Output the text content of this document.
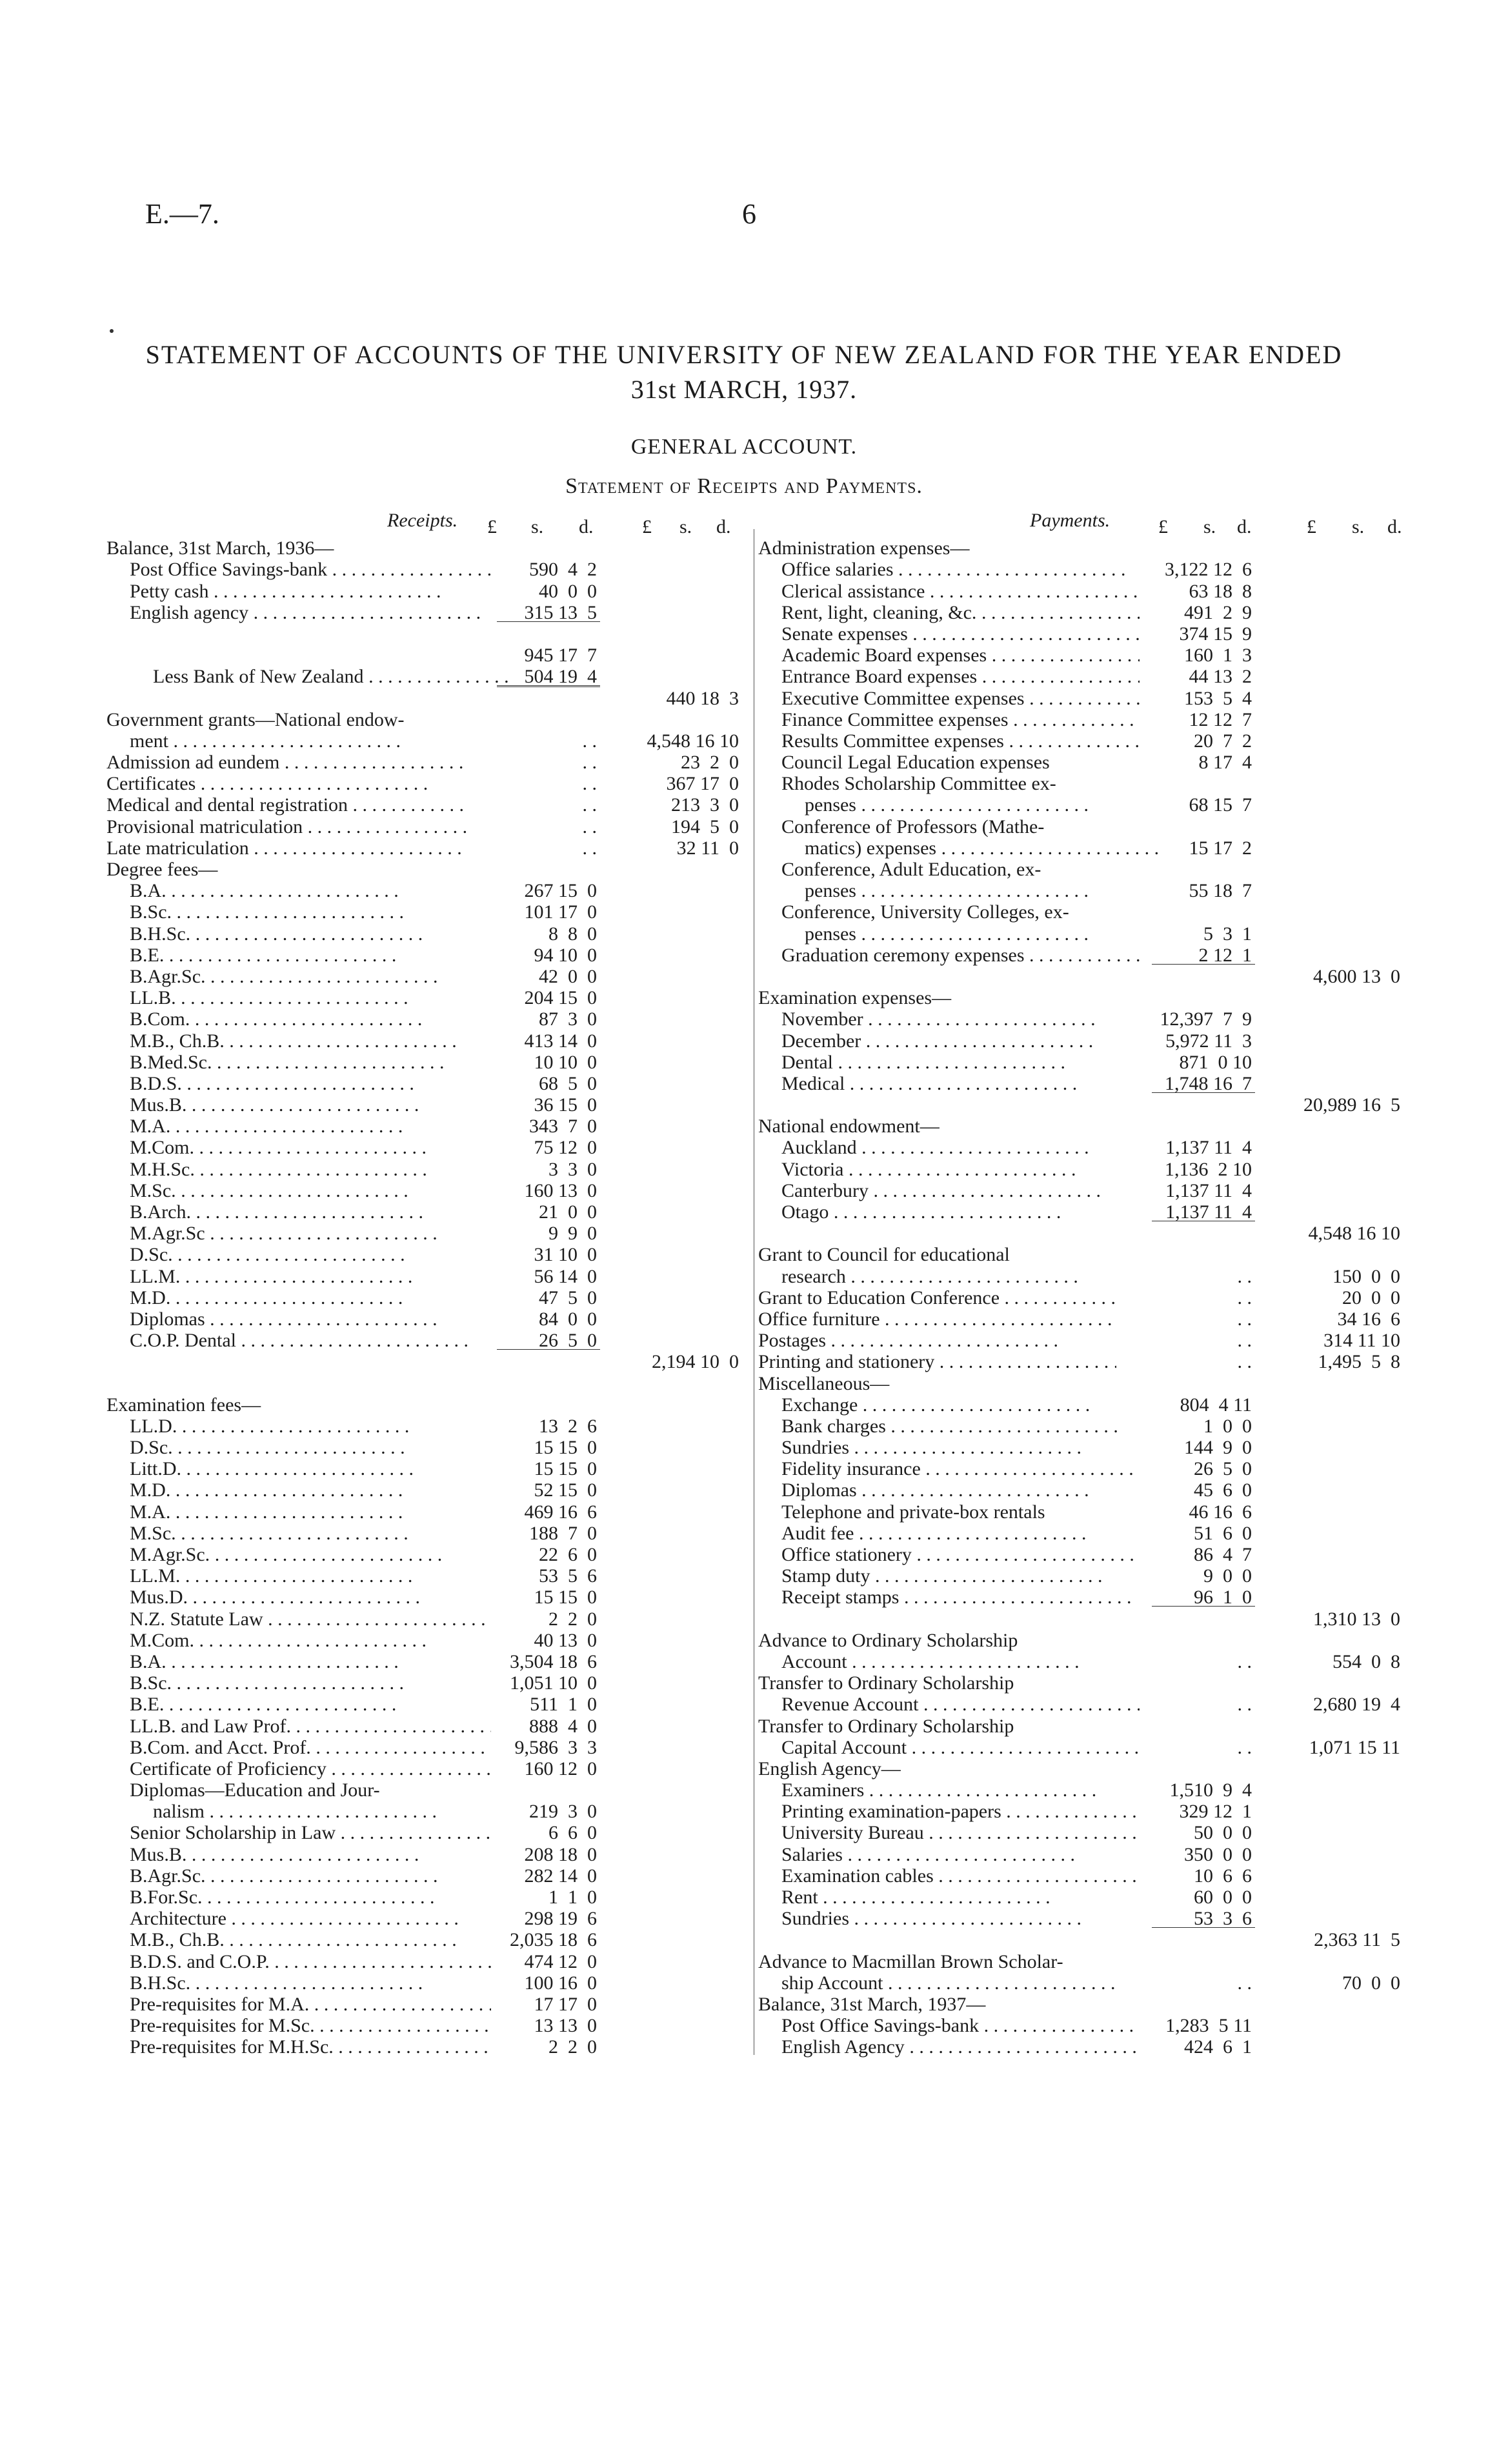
E.—7.	6
STATEMENT OF ACCOUNTS OF THE UNIVERSITY OF NEW ZEALAND FOR THE YEAR ENDED
31st MARCH, 1937.
GENERAL ACCOUNT.
Statement of Receipts and Payments.
Receipts.	Payments.
£ s. d.	£ s. d.
Balance, 31st March, 1936—
Post Office Savings-bank . .	590  4  2
Petty cash . .	40  0  0
English agency . .	315 13  5
945 17  7
Less Bank of New Zealand . .	504 19  4
440 18  3
Government grants—National endow-
ment . .	. .	4,548 16 10
Admission ad eundem . .	. .	23  2  0
Certificates . .	. .	367 17  0
Medical and dental registration . .	. .	213  3  0
Provisional matriculation . .	. .	194  5  0
Late matriculation . .	. .	32 11  0
Degree fees—
B.A. . .	267 15  0
B.Sc. . .	101 17  0
B.H.Sc. . .	8  8  0
B.E. . .	94 10  0
B.Agr.Sc. . .	42  0  0
LL.B. . .	204 15  0
B.Com. . .	87  3  0
M.B., Ch.B. . .	413 14  0
B.Med.Sc. . .	10 10  0
B.D.S. . .	68  5  0
Mus.B. . .	36 15  0
M.A. . .	343  7  0
M.Com. . .	75 12  0
M.H.Sc. . .	3  3  0
M.Sc. . .	160 13  0
B.Arch. . .	21  0  0
M.Agr.Sc . .	9  9  0
D.Sc. . .	31 10  0
LL.M. . .	56 14  0
M.D. . .	47  5  0
Diplomas . .	84  0  0
C.O.P. Dental . .	26  5  0
2,194 10  0
Examination fees—
LL.D. . .	13  2  6
D.Sc. . .	15 15  0
Litt.D. . .	15 15  0
M.D. . .	52 15  0
M.A. . .	469 16  6
M.Sc. . .	188  7  0
M.Agr.Sc. . .	22  6  0
LL.M. . .	53  5  6
Mus.D. . .	15 15  0
N.Z. Statute Law . .	2  2  0
M.Com. . .	40 13  0
B.A. . .	3,504 18  6
B.Sc. . .	1,051 10  0
B.E. . .	511  1  0
LL.B. and Law Prof. . .	888  4  0
B.Com. and Acct. Prof. . .	9,586  3  3
Certificate of Proficiency . .	160 12  0
Diplomas—Education and Jour-
nalism . .	219  3  0
Senior Scholarship in Law . .	6  6  0
Mus.B. . .	208 18  0
B.Agr.Sc. . .	282 14  0
B.For.Sc. . .	1  1  0
Architecture . .	298 19  6
M.B., Ch.B. . .	2,035 18  6
B.D.S. and C.O.P. . .	474 12  0
B.H.Sc. . .	100 16  0
Pre-requisites for M.A. . .	17 17  0
Pre-requisites for M.Sc. . .	13 13  0
Pre-requisites for M.H.Sc. . .	2  2  0
£ s. d.	£ s. d.
Administration expenses—
Office salaries . .	3,122 12  6
Clerical assistance . .	63 18  8
Rent, light, cleaning, &c. . .	491  2  9
Senate expenses . .	374 15  9
Academic Board expenses . .	160  1  3
Entrance Board expenses . .	44 13  2
Executive Committee expenses . .	153  5  4
Finance Committee expenses . .	12 12  7
Results Committee expenses . .	20  7  2
Council Legal Education expenses	8 17  4
Rhodes Scholarship Committee ex-
penses . .	68 15  7
Conference of Professors (Mathe-
matics) expenses . .	15 17  2
Conference, Adult Education, ex-
penses . .	55 18  7
Conference, University Colleges, ex-
penses . .	5  3  1
Graduation ceremony expenses . .	2 12  1
4,600 13  0
Examination expenses—
November . .	12,397  7  9
December . .	5,972 11  3
Dental . .	871  0 10
Medical . .	1,748 16  7
20,989 16  5
National endowment—
Auckland . .	1,137 11  4
Victoria . .	1,136  2 10
Canterbury . .	1,137 11  4
Otago . .	1,137 11  4
4,548 16 10
Grant to Council for educational
research . .	. .	150  0  0
Grant to Education Conference . .	. .	20  0  0
Office furniture . .	. .	34 16  6
Postages . .	. .	314 11 10
Printing and stationery . .	. .	1,495  5  8
Miscellaneous—
Exchange . .	804  4 11
Bank charges . .	1  0  0
Sundries . .	144  9  0
Fidelity insurance . .	26  5  0
Diplomas . .	45  6  0
Telephone and private-box rentals	46 16  6
Audit fee . .	51  6  0
Office stationery . .	86  4  7
Stamp duty . .	9  0  0
Receipt stamps . .	96  1  0
1,310 13  0
Advance to Ordinary Scholarship
Account . .	. .	554  0  8
Transfer to Ordinary Scholarship
Revenue Account . .	. .	2,680 19  4
Transfer to Ordinary Scholarship
Capital Account . .	. .	1,071 15 11
English Agency—
Examiners . .	1,510  9  4
Printing examination-papers . .	329 12  1
University Bureau . .	50  0  0
Salaries . .	350  0  0
Examination cables . .	10  6  6
Rent . .	60  0  0
Sundries . .	53  3  6
2,363 11  5
Advance to Macmillan Brown Scholar-
ship Account . .	. .	70  0  0
Balance, 31st March, 1937—
Post Office Savings-bank . .	1,283  5 11
English Agency . .	424  6  1
